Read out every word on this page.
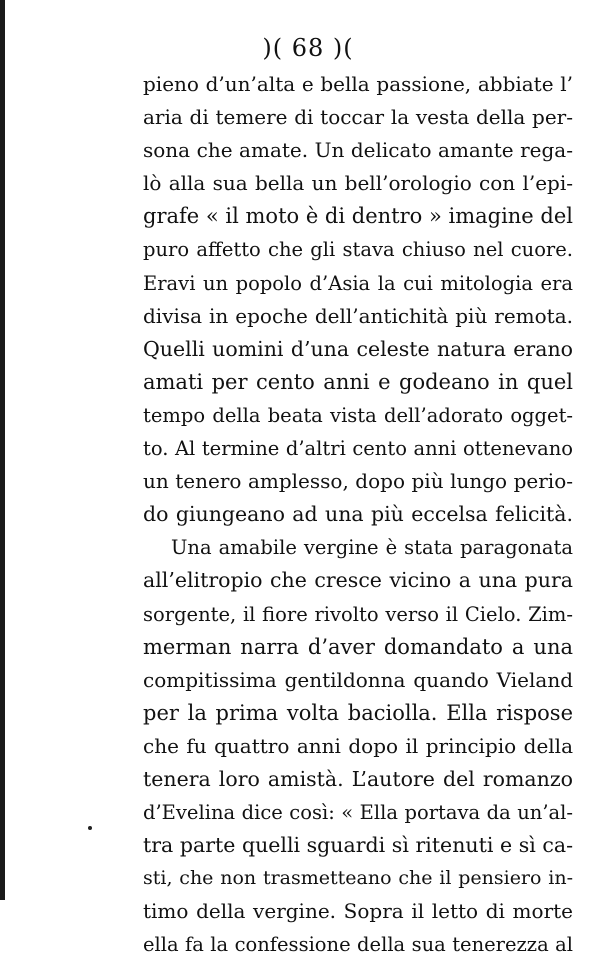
)( 68 )(
pieno d’un’alta e bella passione, abbiate l’
aria di temere di toccar la vesta della per-
sona che amate. Un delicato amante rega-
lò alla sua bella un bell’orologio con l’epi-
grafe « il moto è di dentro » imagine del
puro affetto che gli stava chiuso nel cuore.
Eravi un popolo d’Asia la cui mitologia era
divisa in epoche dell’antichità più remota.
Quelli uomini d’una celeste natura erano
amati per cento anni e godeano in quel
tempo della beata vista dell’adorato ogget-
to. Al termine d’altri cento anni ottenevano
un tenero amplesso, dopo più lungo perio-
do giungeano ad una più eccelsa felicità.
Una amabile vergine è stata paragonata
all’elitropio che cresce vicino a una pura
sorgente, il fiore rivolto verso il Cielo. Zim-
merman narra d’aver domandato a una
compitissima gentildonna quando Vieland
per la prima volta baciolla. Ella rispose
che fu quattro anni dopo il principio della
tenera loro amistà. L’autore del romanzo
d’Evelina dice così: « Ella portava da un’al-
tra parte quelli sguardi sì ritenuti e sì ca-
sti, che non trasmetteano che il pensiero in-
timo della vergine. Sopra il letto di morte
ella fa la confessione della sua tenerezza al
